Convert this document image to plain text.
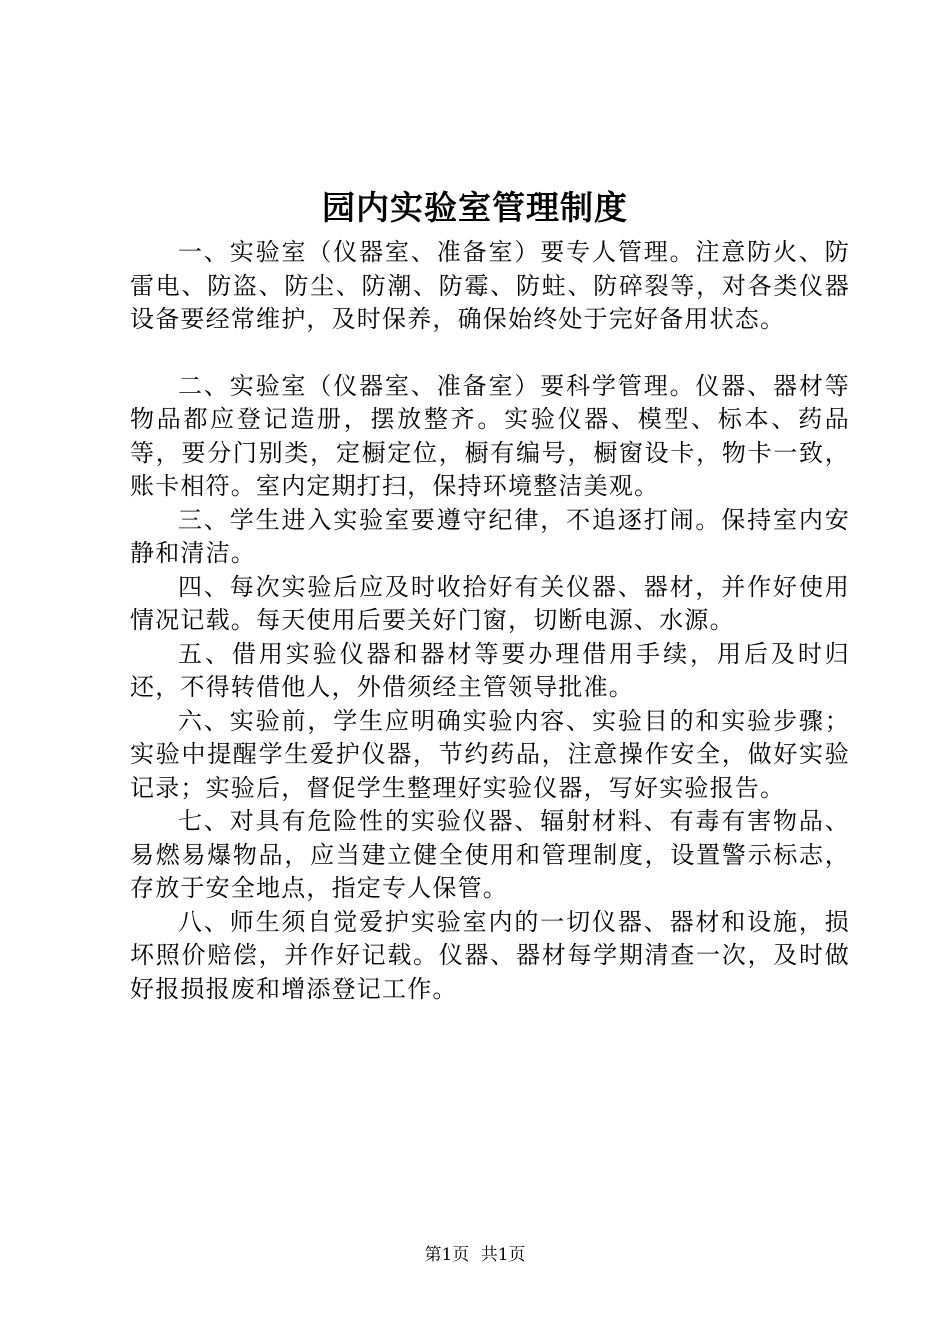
园内实验室管理制度

一、实验室（仪器室、准备室）要专人管理。注意防火、防雷电、防盗、防尘、防潮、防霉、防蛀、防碎裂等，对各类仪器设备要经常维护，及时保养，确保始终处于完好备用状态。

二、实验室（仪器室、准备室）要科学管理。仪器、器材等物品都应登记造册，摆放整齐。实验仪器、模型、标本、药品等，要分门别类，定橱定位，橱有编号，橱窗设卡，物卡一致，账卡相符。室内定期打扫，保持环境整洁美观。

三、学生进入实验室要遵守纪律，不追逐打闹。保持室内安静和清洁。

四、每次实验后应及时收拾好有关仪器、器材，并作好使用情况记载。每天使用后要关好门窗，切断电源、水源。

五、借用实验仪器和器材等要办理借用手续，用后及时归还，不得转借他人，外借须经主管领导批准。

六、实验前，学生应明确实验内容、实验目的和实验步骤；实验中提醒学生爱护仪器，节约药品，注意操作安全，做好实验记录；实验后，督促学生整理好实验仪器，写好实验报告。

七、对具有危险性的实验仪器、辐射材料、有毒有害物品、易燃易爆物品，应当建立健全使用和管理制度，设置警示标志，存放于安全地点，指定专人保管。

八、师生须自觉爱护实验室内的一切仪器、器材和设施，损坏照价赔偿，并作好记载。仪器、器材每学期清查一次，及时做好报损报废和增添登记工作。

第1页 共1页
